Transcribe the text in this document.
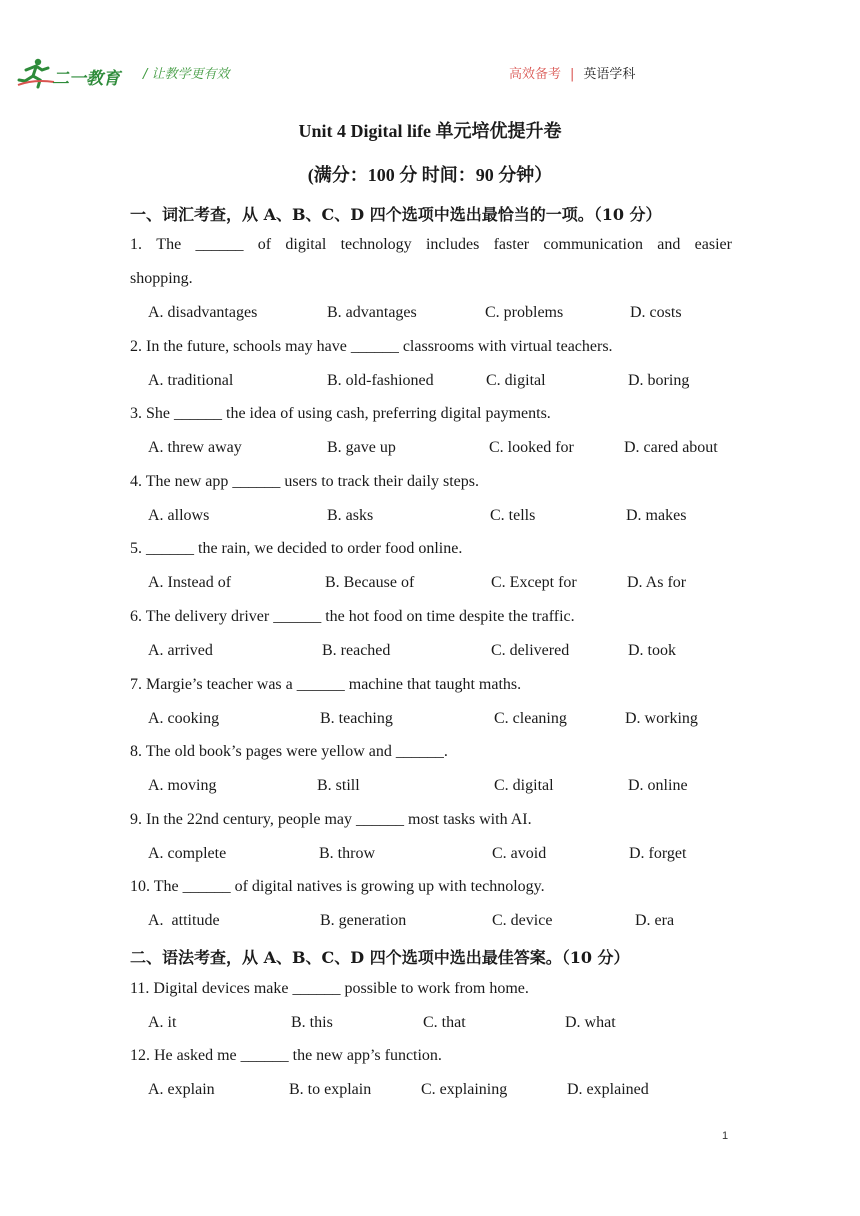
二一教育 / 让教学更有效	高效备考 | 英语学科
Unit 4 Digital life 单元培优提升卷
(满分：100 分 时间：90 分钟）
一、词汇考查，从 A、B、C、D 四个选项中选出最恰当的一项。（10 分）
1. The ______ of digital technology includes faster communication and easier
shopping.
A. disadvantages	B. advantages	C. problems	D. costs
2. In the future, schools may have ______ classrooms with virtual teachers.
A. traditional	B. old-fashioned	C. digital	D. boring
3. She ______ the idea of using cash, preferring digital payments.
A. threw away	B. gave up	C. looked for	D. cared about
4. The new app ______ users to track their daily steps.
A. allows	B. asks	C. tells	D. makes
5. ______ the rain, we decided to order food online.
A. Instead of	B. Because of	C. Except for	D. As for
6. The delivery driver ______ the hot food on time despite the traffic.
A. arrived	B. reached	C. delivered	D. took
7. Margie’s teacher was a ______ machine that taught maths.
A. cooking	B. teaching	C. cleaning	D. working
8. The old book’s pages were yellow and ______.
A. moving	B. still	C. digital	D. online
9. In the 22nd century, people may ______ most tasks with AI.
A. complete	B. throw	C. avoid	D. forget
10. The ______ of digital natives is growing up with technology.
A.  attitude	B. generation	C. device	D. era
二、语法考查，从 A、B、C、D 四个选项中选出最佳答案。（10 分）
11. Digital devices make ______ possible to work from home.
A. it	B. this	C. that	D. what
12. He asked me ______ the new app’s function.
A. explain	B. to explain	C. explaining	D. explained
1
